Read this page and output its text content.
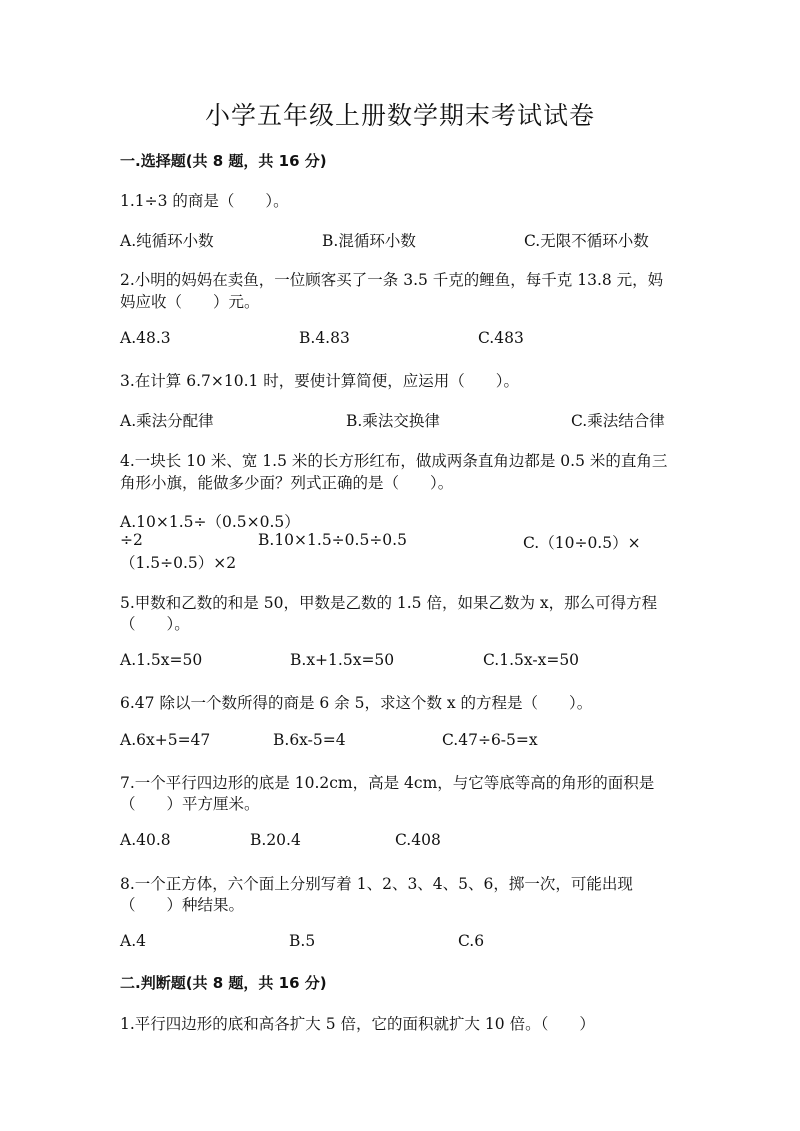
小学五年级上册数学期末考试试卷
一.选择题(共 8 题，共 16 分)
1.1÷3 的商是（　　）。
A.纯循环小数	B.混循环小数	C.无限不循环小数
2.小明的妈妈在卖鱼，一位顾客买了一条 3.5 千克的鲤鱼，每千克 13.8 元，妈
妈应收（　　）元。
A.48.3	B.4.83	C.483
3.在计算 6.7×10.1 时，要使计算简便，应运用（　　）。
A.乘法分配律	B.乘法交换律	C.乘法结合律
4.一块长 10 米、宽 1.5 米的长方形红布，做成两条直角边都是 0.5 米的直角三
角形小旗，能做多少面？列式正确的是（　　）。
A.10×1.5÷（0.5×0.5）
÷2	B.10×1.5÷0.5÷0.5	C.（10÷0.5）×
（1.5÷0.5）×2
5.甲数和乙数的和是 50，甲数是乙数的 1.5 倍，如果乙数为 x，那么可得方程
（　　）。
A.1.5x=50	B.x+1.5x=50	C.1.5x-x=50
6.47 除以一个数所得的商是 6 余 5，求这个数 x 的方程是（　　）。
A.6x+5=47	B.6x-5=4	C.47÷6-5=x
7.一个平行四边形的底是 10.2cm，高是 4cm，与它等底等高的角形的面积是
（　　）平方厘米。
A.40.8	B.20.4	C.408
8.一个正方体，六个面上分别写着 1、2、3、4、5、6，掷一次，可能出现
（　　）种结果。
A.4	B.5	C.6
二.判断题(共 8 题，共 16 分)
1.平行四边形的底和高各扩大 5 倍，它的面积就扩大 10 倍。（　　）
